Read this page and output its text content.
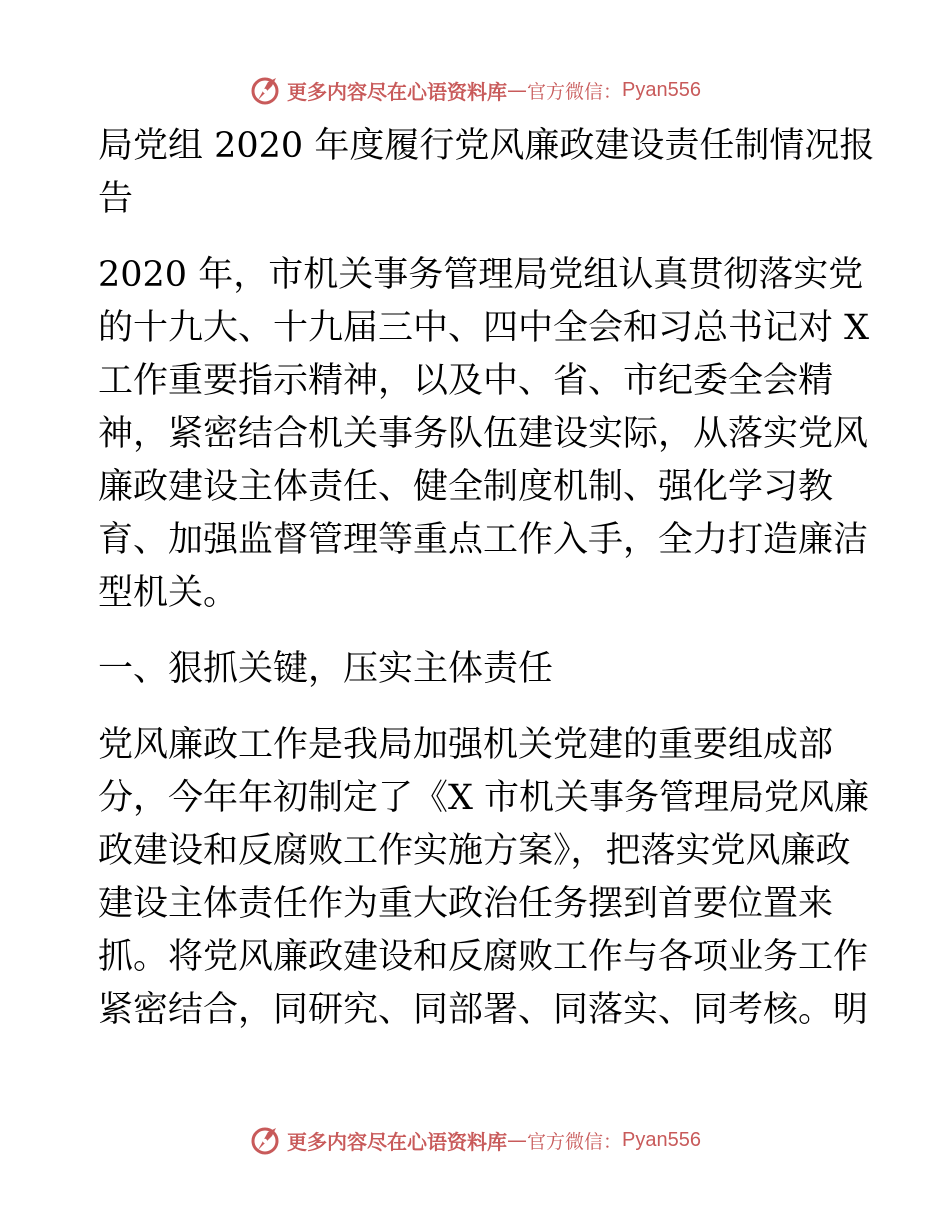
更多内容尽在心语资料库 — 官方微信： Pyan556
局党组 2020 年度履行党风廉政建设责任制情况报
告
2020 年，市机关事务管理局党组认真贯彻落实党
的十九大、十九届三中、四中全会和习总书记对 X
工作重要指示精神，以及中、省、市纪委全会精
神，紧密结合机关事务队伍建设实际，从落实党风
廉政建设主体责任、健全制度机制、强化学习教
育、加强监督管理等重点工作入手，全力打造廉洁
型机关。
一、狠抓关键，压实主体责任
党风廉政工作是我局加强机关党建的重要组成部
分，今年年初制定了《X 市机关事务管理局党风廉
政建设和反腐败工作实施方案》，把落实党风廉政
建设主体责任作为重大政治任务摆到首要位置来
抓。将党风廉政建设和反腐败工作与各项业务工作
紧密结合，同研究、同部署、同落实、同考核。明
更多内容尽在心语资料库 — 官方微信： Pyan556
